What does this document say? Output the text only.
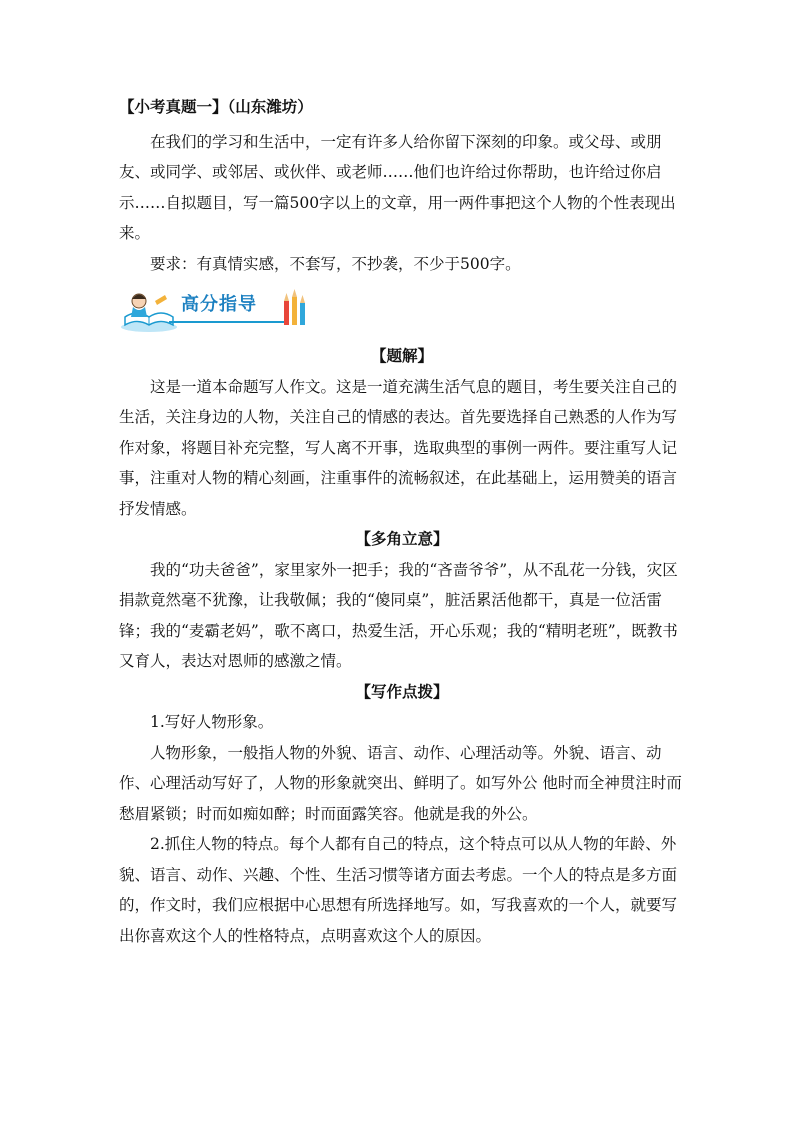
【小考真题一】（山东潍坊）

在我们的学习和生活中，一定有许多人给你留下深刻的印象。或父母、或朋友、或同学、或邻居、或伙伴、或老师……他们也许给过你帮助，也许给过你启示……自拟题目，写一篇500字以上的文章，用一两件事把这个人物的个性表现出来。

要求：有真情实感，不套写，不抄袭，不少于500字。

高分指导

【题解】

这是一道本命题写人作文。这是一道充满生活气息的题目，考生要关注自己的生活，关注身边的人物，关注自己的情感的表达。首先要选择自己熟悉的人作为写作对象，将题目补充完整，写人离不开事，选取典型的事例一两件。要注重写人记事，注重对人物的精心刻画，注重事件的流畅叙述，在此基础上，运用赞美的语言抒发情感。

【多角立意】

我的“功夫爸爸”，家里家外一把手；我的“吝啬爷爷”，从不乱花一分钱，灾区捐款竟然毫不犹豫，让我敬佩；我的“傻同桌”，脏活累活他都干，真是一位活雷锋；我的“麦霸老妈”，歌不离口，热爱生活，开心乐观；我的“精明老班”，既教书又育人，表达对恩师的感激之情。

【写作点拨】

1.写好人物形象。

人物形象，一般指人物的外貌、语言、动作、心理活动等。外貌、语言、动作、心理活动写好了，人物的形象就突出、鲜明了。如写外公 他时而全神贯注时而愁眉紧锁；时而如痴如醉；时而面露笑容。他就是我的外公。

2.抓住人物的特点。每个人都有自己的特点，这个特点可以从人物的年龄、外貌、语言、动作、兴趣、个性、生活习惯等诸方面去考虑。一个人的特点是多方面的，作文时，我们应根据中心思想有所选择地写。如，写我喜欢的一个人，就要写出你喜欢这个人的性格特点，点明喜欢这个人的原因。
